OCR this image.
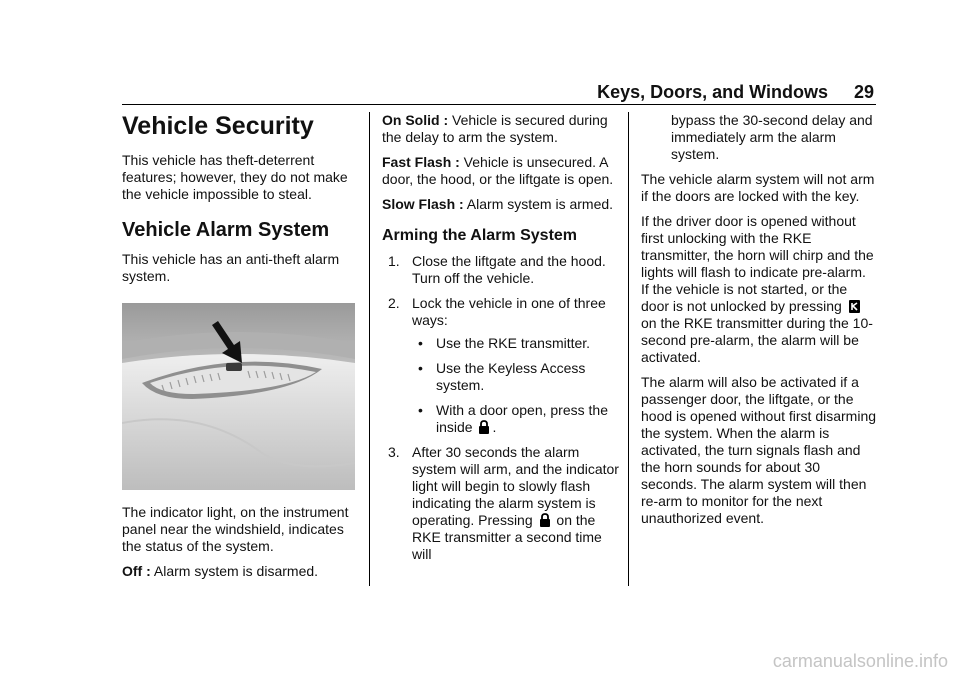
Keys, Doors, and Windows 29
Vehicle Security

This vehicle has theft-deterrent features; however, they do not make the vehicle impossible to steal.

Vehicle Alarm System

This vehicle has an anti-theft alarm system.

The indicator light, on the instrument panel near the windshield, indicates the status of the system.

Off : Alarm system is disarmed.

On Solid : Vehicle is secured during the delay to arm the system.

Fast Flash : Vehicle is unsecured. A door, the hood, or the liftgate is open.

Slow Flash : Alarm system is armed.

Arming the Alarm System
1. Close the liftgate and the hood. Turn off the vehicle.
2. Lock the vehicle in one of three ways:
• Use the RKE transmitter.
• Use the Keyless Access system.
• With a door open, press the inside .
3. After 30 seconds the alarm system will arm, and the indicator light will begin to slowly flash indicating the alarm system is operating. Pressing on the RKE transmitter a second time will

bypass the 30-second delay and immediately arm the alarm system.

The vehicle alarm system will not arm if the doors are locked with the key.

If the driver door is opened without first unlocking with the RKE transmitter, the horn will chirp and the lights will flash to indicate pre-alarm. If the vehicle is not started, or the door is not unlocked by pressing  on the RKE transmitter during the 10-second pre-alarm, the alarm will be activated.

The alarm will also be activated if a passenger door, the liftgate, or the hood is opened without first disarming the system. When the alarm is activated, the turn signals flash and the horn sounds for about 30 seconds. The alarm system will then re-arm to monitor for the next unauthorized event.

carmanualsonline.info
